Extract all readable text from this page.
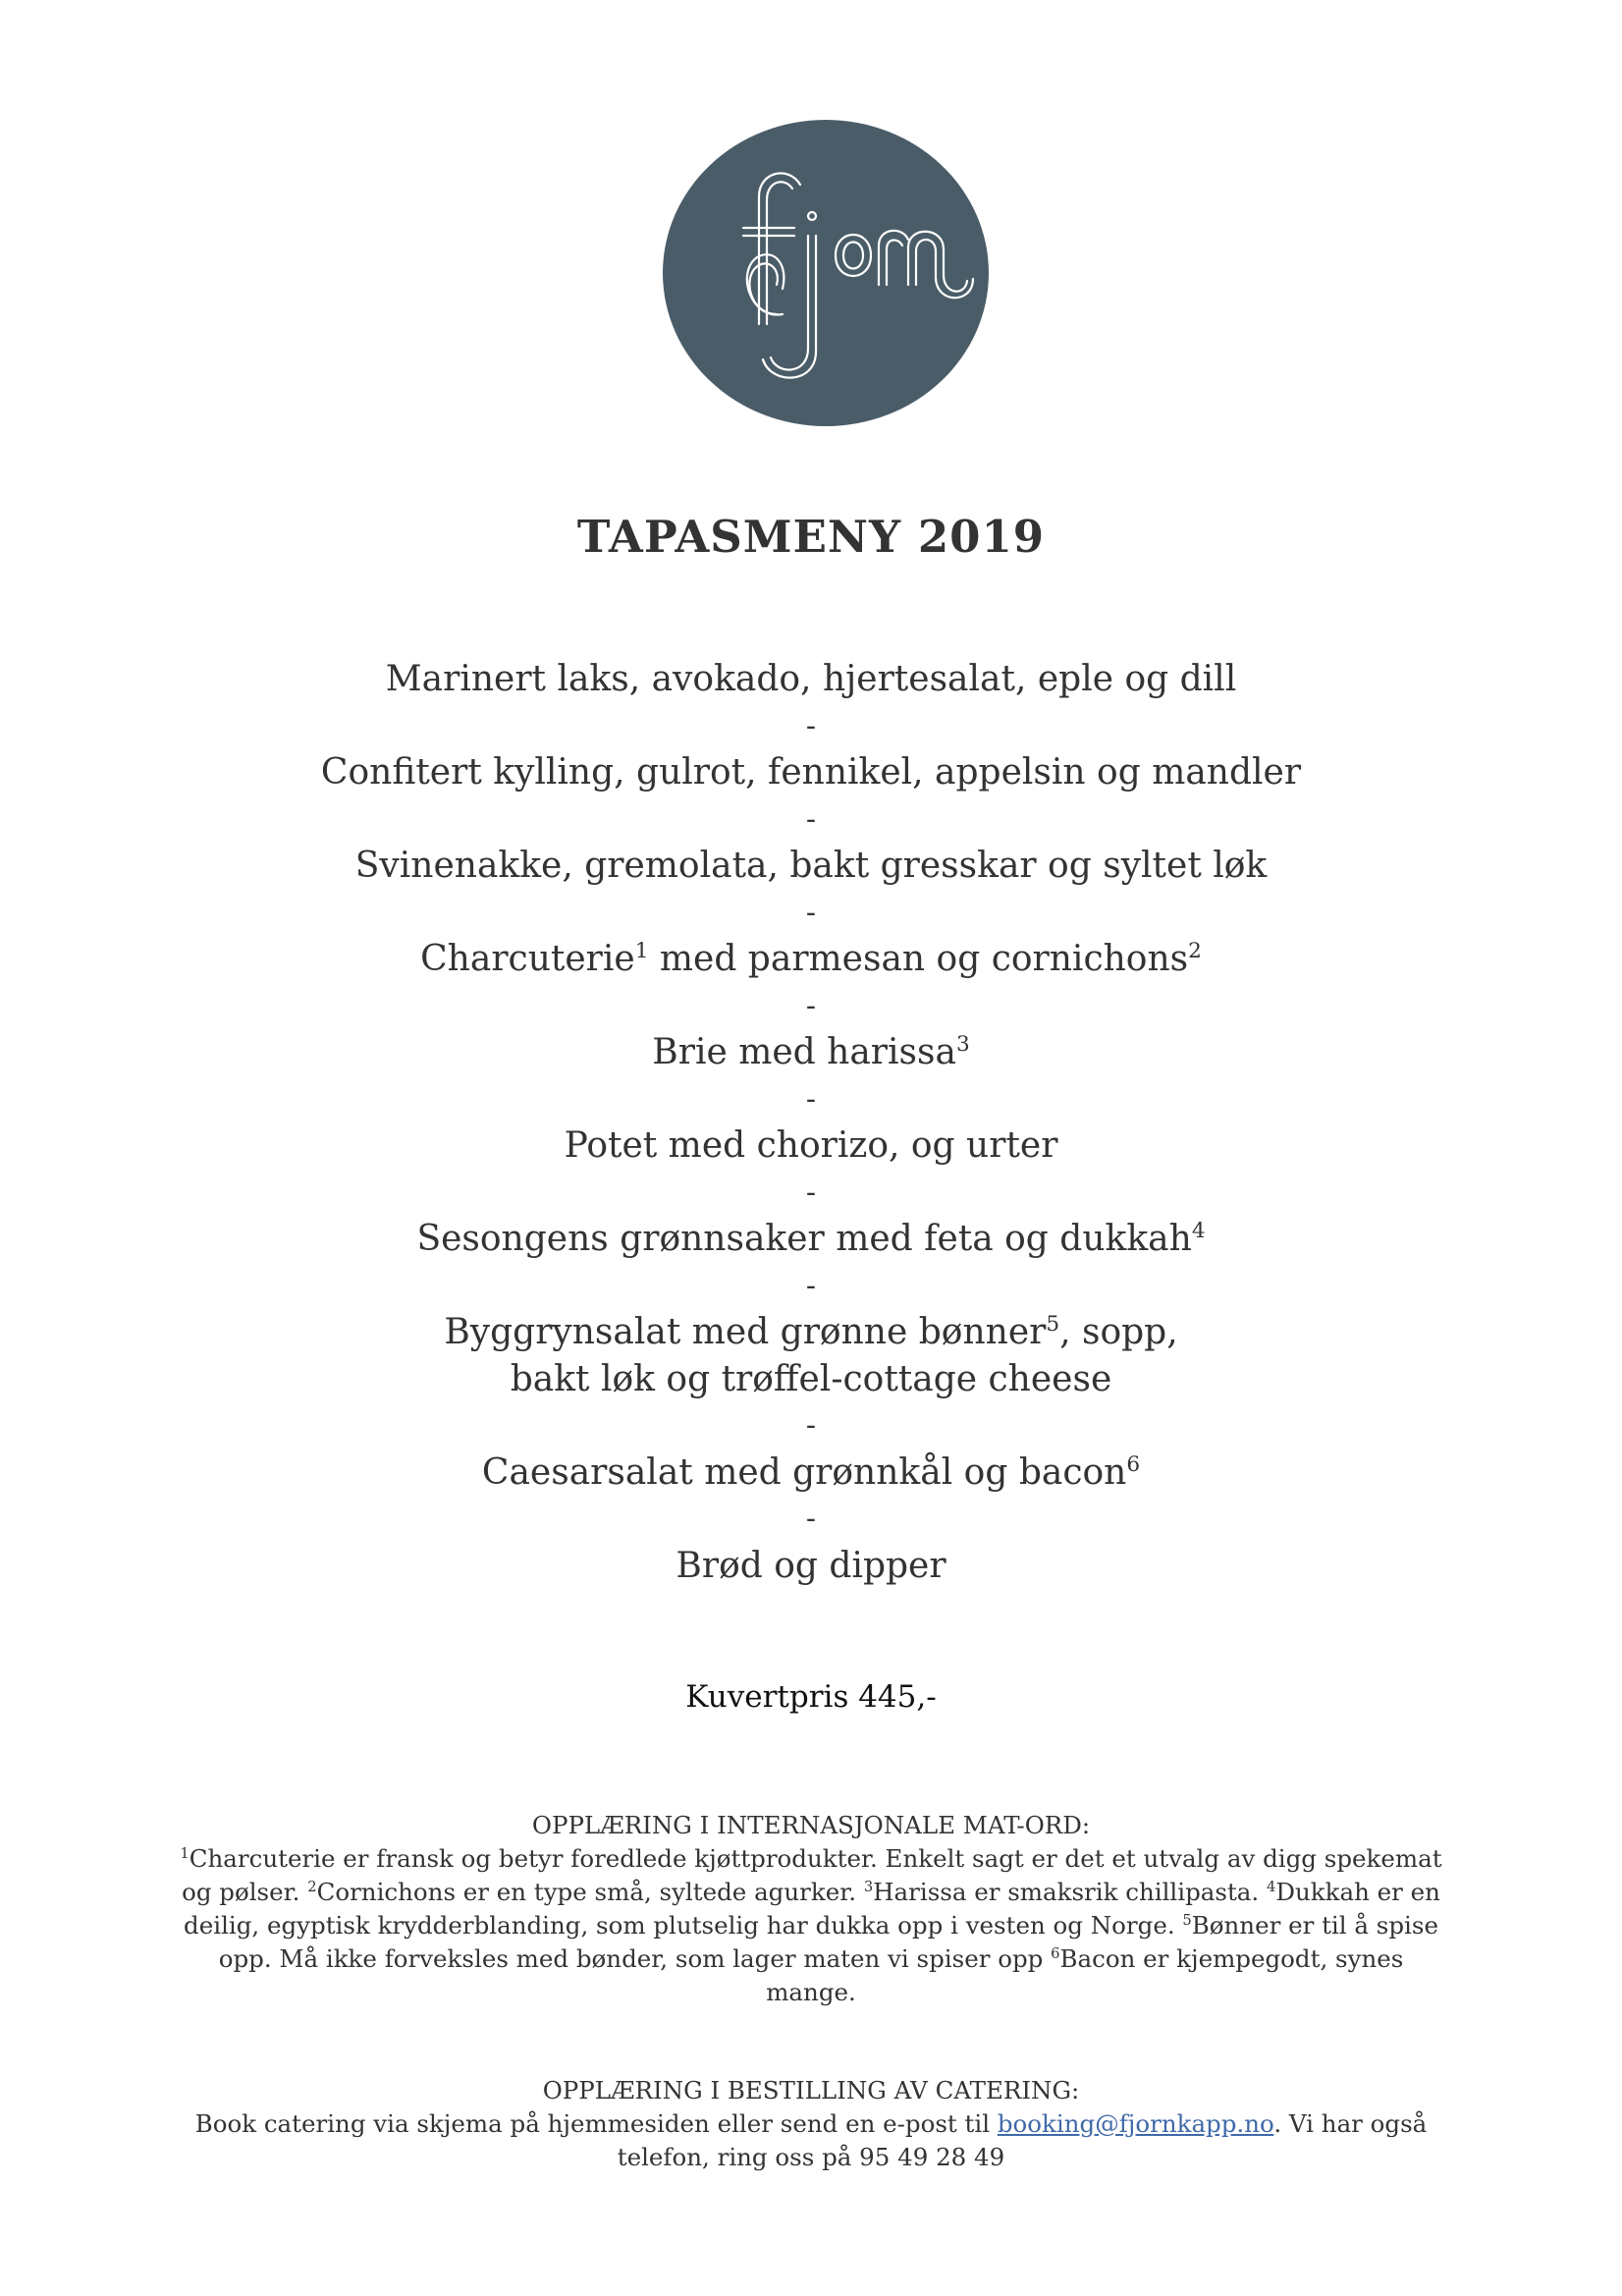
TAPASMENY 2019
Marinert laks, avokado, hjertesalat, eple og dill
-
Confitert kylling, gulrot, fennikel, appelsin og mandler
-
Svinenakke, gremolata, bakt gresskar og syltet løk
-
Charcuterie$^1$ med parmesan og cornichons$^2$
-
Brie med harissa$^3$
-
Potet med chorizo, og urter
-
Sesongens grønnsaker med feta og dukkah$^4$
-
Byggrynsalat med grønne bønner$^5$, sopp,
bakt løk og trøffel-cottage cheese
-
Caesarsalat med grønnkål og bacon$^6$
-
Brød og dipper
Kuvertpris 445,-
OPPLÆRING I INTERNASJONALE MAT-ORD:
$^1$Charcuterie er fransk og betyr foredlede kjøttprodukter. Enkelt sagt er det et utvalg av digg spekemat og pølser. $^2$Cornichons er en type små, syltede agurker. $^3$Harissa er smaksrik chillipasta. $^4$Dukkah er en deilig, egyptisk krydderblanding, som plutselig har dukka opp i vesten og Norge. $^5$Bønner er til å spise opp. Må ikke forveksles med bønder, som lager maten vi spiser opp $^6$Bacon er kjempegodt, synes mange.
OPPLÆRING I BESTILLING AV CATERING:
Book catering via skjema på hjemmesiden eller send en e-post til booking@fjornkapp.no. Vi har også telefon, ring oss på 95 49 28 49
